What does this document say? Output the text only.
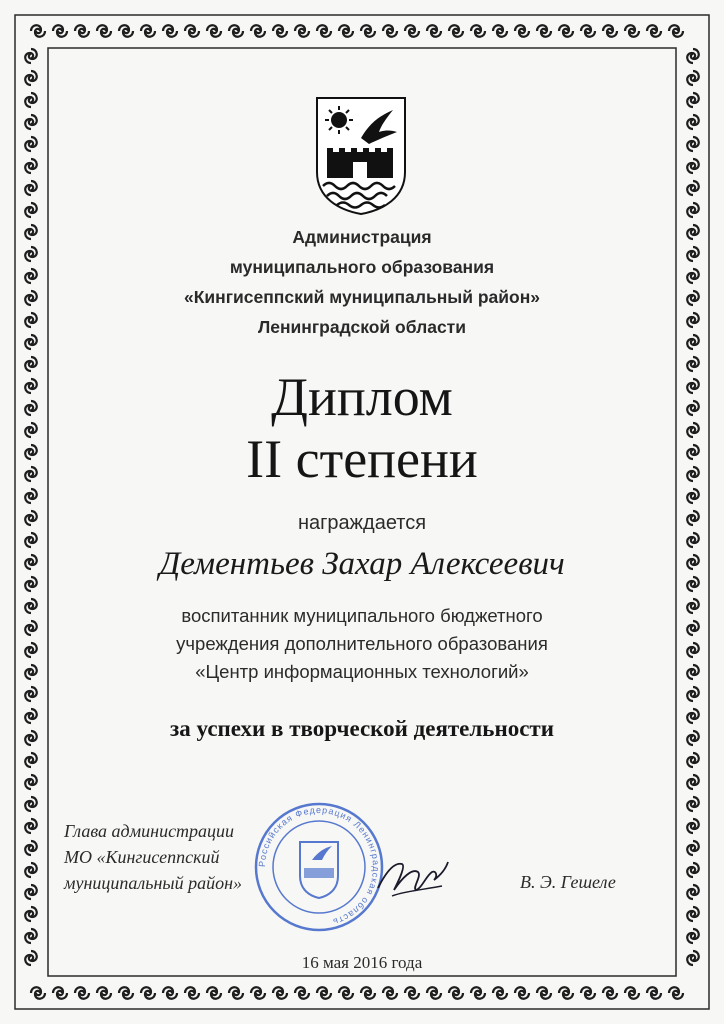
Администрация
муниципального образования
«Кингисеппский муниципальный район»
Ленинградской области
Диплом
II степени
награждается
Дементьев Захар Алексеевич
воспитанник муниципального бюджетного
учреждения дополнительного образования
«Центр информационных технологий»
за успехи в творческой деятельности
Глава администрации
МО «Кингисеппский
муниципальный район»
Российская Федерация Ленинградская область
В. Э. Гешеле
16 мая 2016 года
